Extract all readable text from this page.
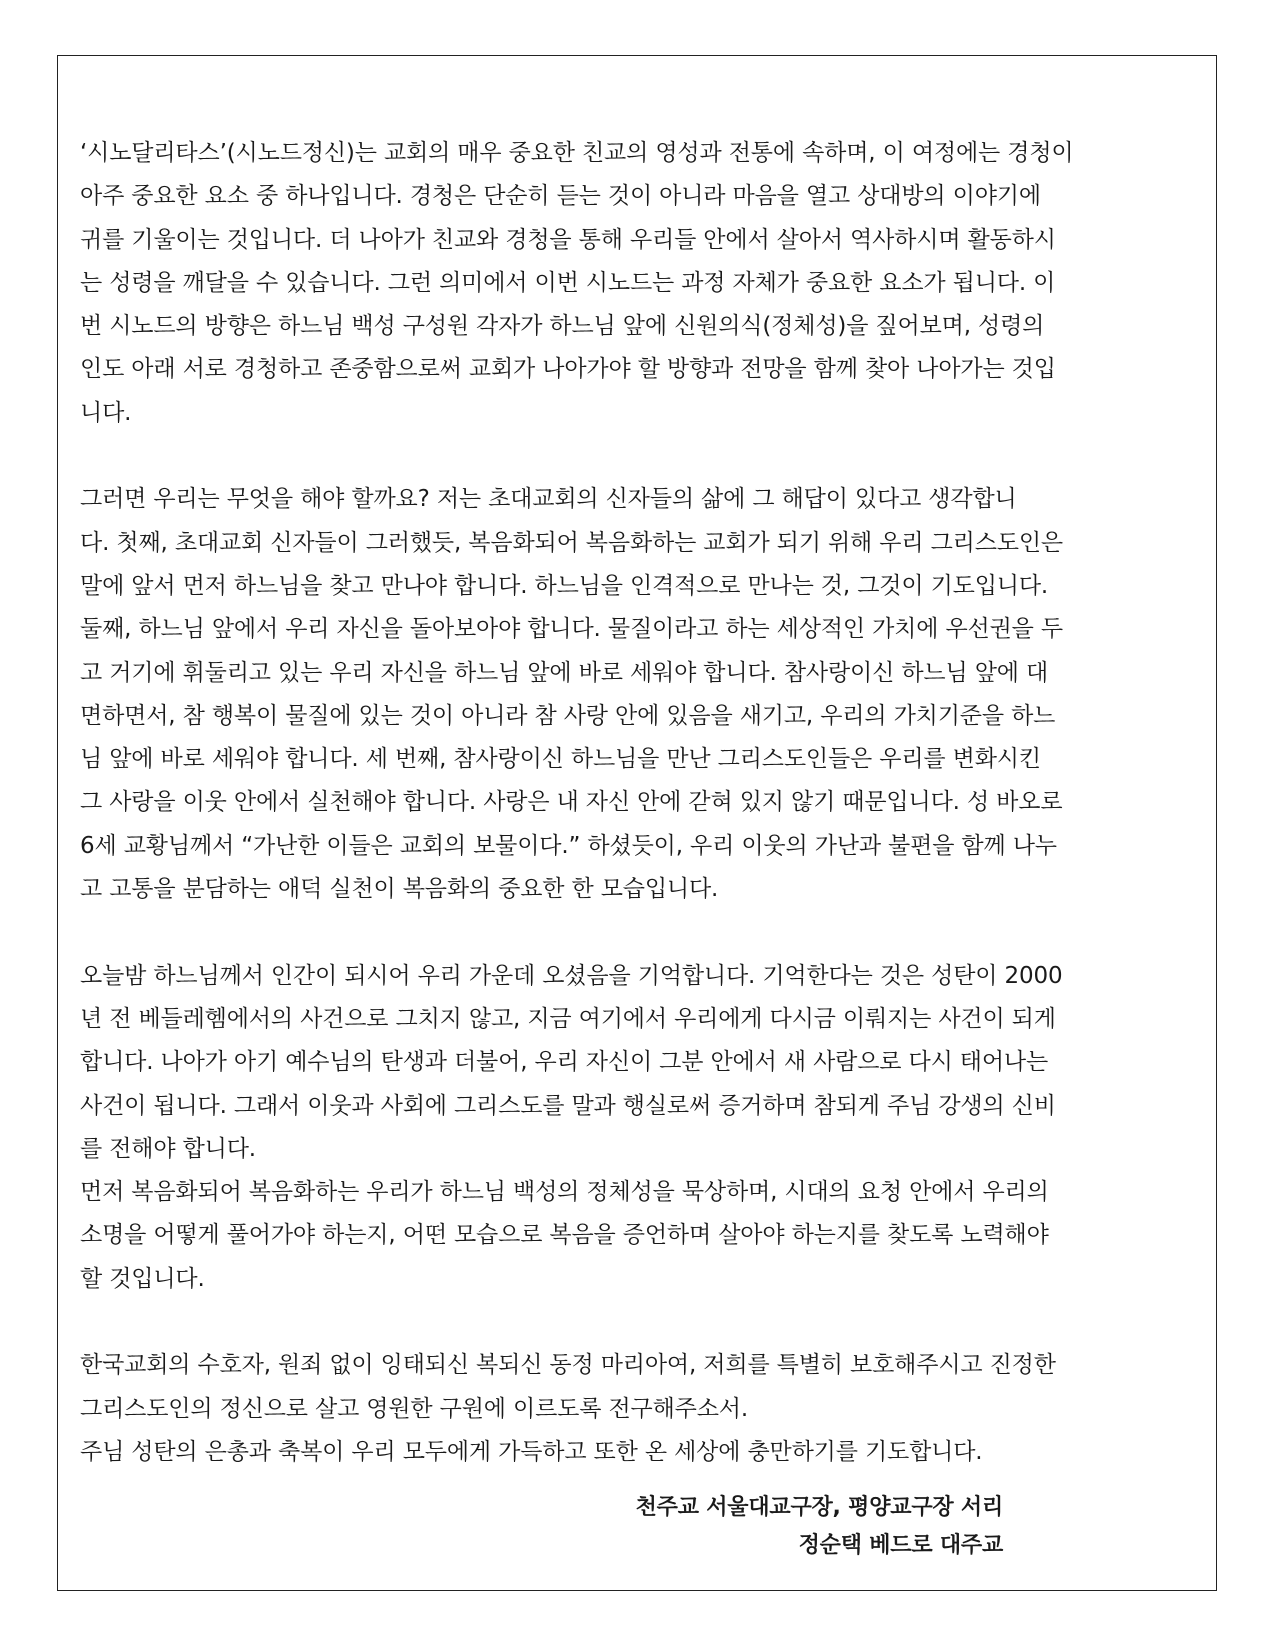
‘시노달리타스’(시노드정신)는 교회의 매우 중요한 친교의 영성과 전통에 속하며, 이 여정에는 경청이
아주 중요한 요소 중 하나입니다. 경청은 단순히 듣는 것이 아니라 마음을 열고 상대방의 이야기에
귀를 기울이는 것입니다. 더 나아가 친교와 경청을 통해 우리들 안에서 살아서 역사하시며 활동하시
는 성령을 깨달을 수 있습니다. 그런 의미에서 이번 시노드는 과정 자체가 중요한 요소가 됩니다. 이
번 시노드의 방향은 하느님 백성 구성원 각자가 하느님 앞에 신원의식(정체성)을 짚어보며, 성령의
인도 아래 서로 경청하고 존중함으로써 교회가 나아가야 할 방향과 전망을 함께 찾아 나아가는 것입
니다.
그러면 우리는 무엇을 해야 할까요? 저는 초대교회의 신자들의 삶에 그 해답이 있다고 생각합니
다. 첫째, 초대교회 신자들이 그러했듯, 복음화되어 복음화하는 교회가 되기 위해 우리 그리스도인은
말에 앞서 먼저 하느님을 찾고 만나야 합니다. 하느님을 인격적으로 만나는 것, 그것이 기도입니다.
둘째, 하느님 앞에서 우리 자신을 돌아보아야 합니다. 물질이라고 하는 세상적인 가치에 우선권을 두
고 거기에 휘둘리고 있는 우리 자신을 하느님 앞에 바로 세워야 합니다. 참사랑이신 하느님 앞에 대
면하면서, 참 행복이 물질에 있는 것이 아니라 참 사랑 안에 있음을 새기고, 우리의 가치기준을 하느
님 앞에 바로 세워야 합니다. 세 번째, 참사랑이신 하느님을 만난 그리스도인들은 우리를 변화시킨
그 사랑을 이웃 안에서 실천해야 합니다. 사랑은 내 자신 안에 갇혀 있지 않기 때문입니다. 성 바오로
6세 교황님께서 “가난한 이들은 교회의 보물이다.” 하셨듯이, 우리 이웃의 가난과 불편을 함께 나누
고 고통을 분담하는 애덕 실천이 복음화의 중요한 한 모습입니다.
오늘밤 하느님께서 인간이 되시어 우리 가운데 오셨음을 기억합니다. 기억한다는 것은 성탄이 2000
년 전 베들레헴에서의 사건으로 그치지 않고, 지금 여기에서 우리에게 다시금 이뤄지는 사건이 되게
합니다. 나아가 아기 예수님의 탄생과 더불어, 우리 자신이 그분 안에서 새 사람으로 다시 태어나는
사건이 됩니다. 그래서 이웃과 사회에 그리스도를 말과 행실로써 증거하며 참되게 주님 강생의 신비
를 전해야 합니다.
먼저 복음화되어 복음화하는 우리가 하느님 백성의 정체성을 묵상하며, 시대의 요청 안에서 우리의
소명을 어떻게 풀어가야 하는지, 어떤 모습으로 복음을 증언하며 살아야 하는지를 찾도록 노력해야
할 것입니다.
한국교회의 수호자, 원죄 없이 잉태되신 복되신 동정 마리아여, 저희를 특별히 보호해주시고 진정한
그리스도인의 정신으로 살고 영원한 구원에 이르도록 전구해주소서.
주님 성탄의 은총과 축복이 우리 모두에게 가득하고 또한 온 세상에 충만하기를 기도합니다.
천주교 서울대교구장, 평양교구장 서리
정순택 베드로 대주교
